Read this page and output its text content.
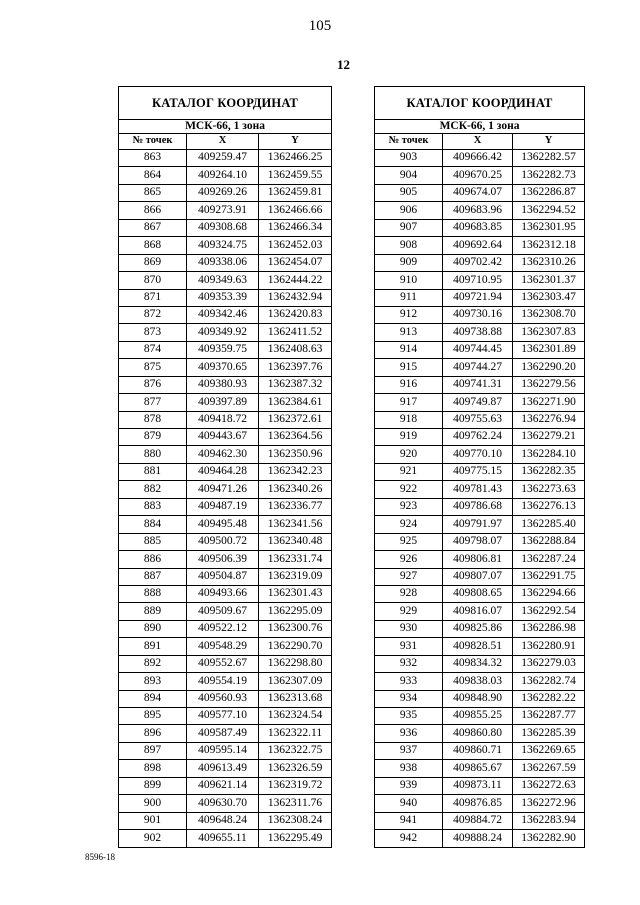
105
12
КАТАЛОГ КООРДИНАТ		
МСК-66, 1 зона		
№ точек	X	Y
863	409259.47	1362466.25
864	409264.10	1362459.55
865	409269.26	1362459.81
866	409273.91	1362466.66
867	409308.68	1362466.34
868	409324.75	1362452.03
869	409338.06	1362454.07
870	409349.63	1362444.22
871	409353.39	1362432.94
872	409342.46	1362420.83
873	409349.92	1362411.52
874	409359.75	1362408.63
875	409370.65	1362397.76
876	409380.93	1362387.32
877	409397.89	1362384.61
878	409418.72	1362372.61
879	409443.67	1362364.56
880	409462.30	1362350.96
881	409464.28	1362342.23
882	409471.26	1362340.26
883	409487.19	1362336.77
884	409495.48	1362341.56
885	409500.72	1362340.48
886	409506.39	1362331.74
887	409504.87	1362319.09
888	409493.66	1362301.43
889	409509.67	1362295.09
890	409522.12	1362300.76
891	409548.29	1362290.70
892	409552.67	1362298.80
893	409554.19	1362307.09
894	409560.93	1362313.68
895	409577.10	1362324.54
896	409587.49	1362322.11
897	409595.14	1362322.75
898	409613.49	1362326.59
899	409621.14	1362319.72
900	409630.70	1362311.76
901	409648.24	1362308.24
902	409655.11	1362295.49
КАТАЛОГ КООРДИНАТ		
МСК-66, 1 зона		
№ точек	X	Y
903	409666.42	1362282.57
904	409670.25	1362282.73
905	409674.07	1362286.87
906	409683.96	1362294.52
907	409683.85	1362301.95
908	409692.64	1362312.18
909	409702.42	1362310.26
910	409710.95	1362301.37
911	409721.94	1362303.47
912	409730.16	1362308.70
913	409738.88	1362307.83
914	409744.45	1362301.89
915	409744.27	1362290.20
916	409741.31	1362279.56
917	409749.87	1362271.90
918	409755.63	1362276.94
919	409762.24	1362279.21
920	409770.10	1362284.10
921	409775.15	1362282.35
922	409781.43	1362273.63
923	409786.68	1362276.13
924	409791.97	1362285.40
925	409798.07	1362288.84
926	409806.81	1362287.24
927	409807.07	1362291.75
928	409808.65	1362294.66
929	409816.07	1362292.54
930	409825.86	1362286.98
931	409828.51	1362280.91
932	409834.32	1362279.03
933	409838.03	1362282.74
934	409848.90	1362282.22
935	409855.25	1362287.77
936	409860.80	1362285.39
937	409860.71	1362269.65
938	409865.67	1362267.59
939	409873.11	1362272.63
940	409876.85	1362272.96
941	409884.72	1362283.94
942	409888.24	1362282.90
8596-18
